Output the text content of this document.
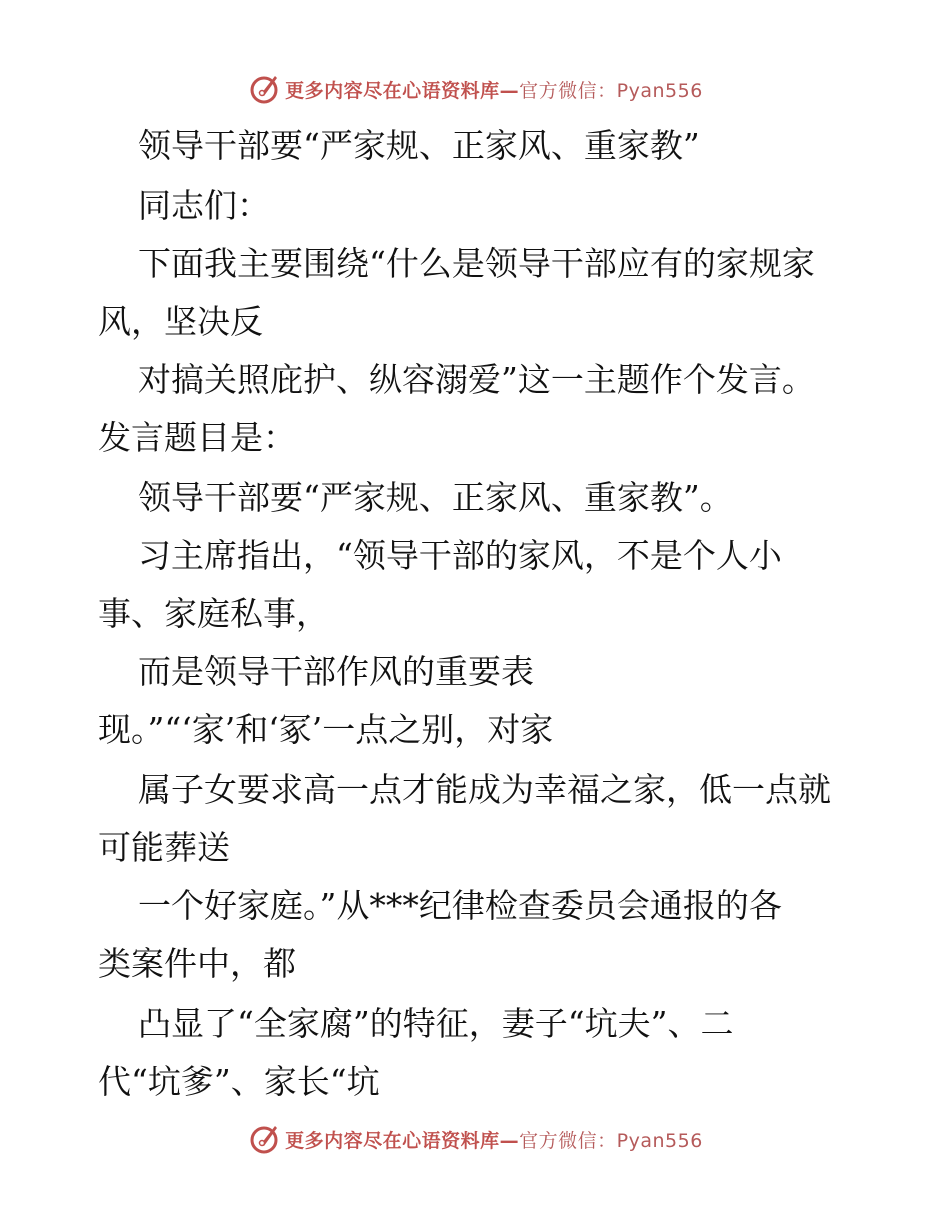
更多内容尽在心语资料库—官方微信：Pyan556
领导干部要“严家规、正家风、重家教”
同志们：
下面我主要围绕“什么是领导干部应有的家规家
风，坚决反
对搞关照庇护、纵容溺爱”这一主题作个发言。
发言题目是：
领导干部要“严家规、正家风、重家教”。
习主席指出，“领导干部的家风，不是个人小
事、家庭私事，
而是领导干部作风的重要表
现。”“‘家’和‘冢’一点之别，对家
属子女要求高一点才能成为幸福之家，低一点就
可能葬送
一个好家庭。”从***纪律检查委员会通报的各
类案件中，都
凸显了“全家腐”的特征，妻子“坑夫”、二
代“坑爹”、家长“坑
更多内容尽在心语资料库—官方微信：Pyan556
